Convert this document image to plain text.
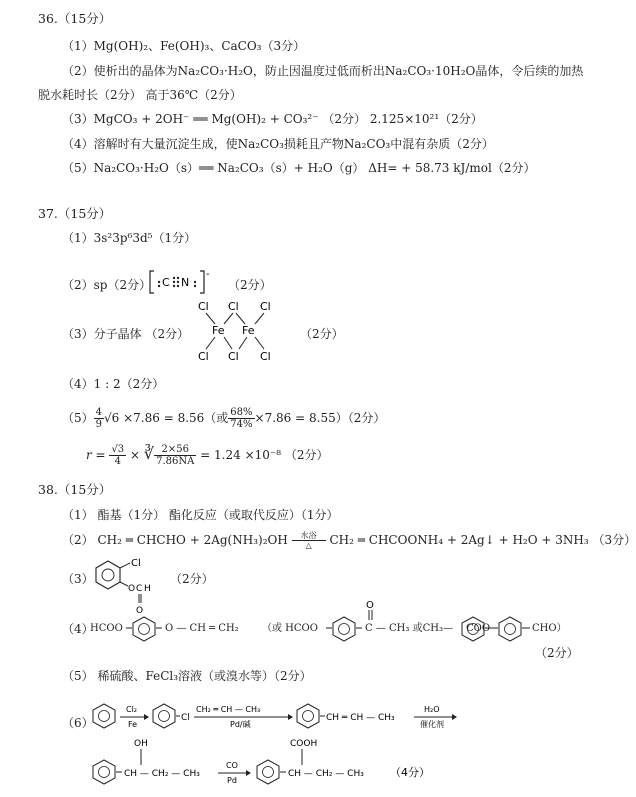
36.（15分）
（1）Mg(OH)₂、Fe(OH)₃、CaCO₃（3分）
（2）使析出的晶体为Na₂CO₃·H₂O，防止因温度过低而析出Na₂CO₃·10H₂O晶体，令后续的加热
脱水耗时长（2分） 高于36℃（2分）
（3）MgCO₃ + 2OH⁻ ══ Mg(OH)₂ + CO₃²⁻ （2分） 2.125×10²¹（2分）
（4）溶解时有大量沉淀生成，使Na₂CO₃损耗且产物Na₂CO₃中混有杂质（2分）
（5）Na₂CO₃·H₂O（s）══ Na₂CO₃（s）+ H₂O（g） ΔH= + 58.73 kJ/mol（2分）
37.（15分）
（1）3s²3p⁶3d⁵（1分）
（2）sp（2分） C N
-
（2分）
（3）分子晶体 （2分）
Cl Cl Cl
Fe Fe
Cl Cl Cl
（2分）
（4）1 : 2（2分）
$(5) \frac{4}{9} √6 \times 7.86 = 8.56$（或 $\frac{68\%}{74\%} \times 7.86 = 8.55)(2$分）
$r = \frac{√3}{4}$ × ∛ $\frac{2\times 56}{7.86NA} = 1.24 \times 10^{-8}$ （2分）
38.（15分）
（1） 酯基（1分） 酯化反应（或取代反应）（1分）
（2） CH₂ ═ CHCHO + 2Ag(NH₃)₂OH 水浴
△ CH₂ ═ CHCOONH₄ + 2Ag↓ + H₂O + 3NH₃ （3分）
（3）
Cl
O C H
O
（2分）
（4）
HCOO	O — CH ═ CH₂ （或 HCOO
O
C — CH₃ 或CH₃— COO	CHO）
（2分）
（5） 稀硫酸、FeCl₃溶液（或溴水等）（2分）
（6）
Cl₂
Fe
Cl
CH₂ ═ CH — CH₃
Pd/碱
CH ═ CH — CH₃
H₂O
催化剂
OH
CH — CH₂ — CH₃
CO
Pd
COOH
CH — CH₂ — CH₃ （4分）
